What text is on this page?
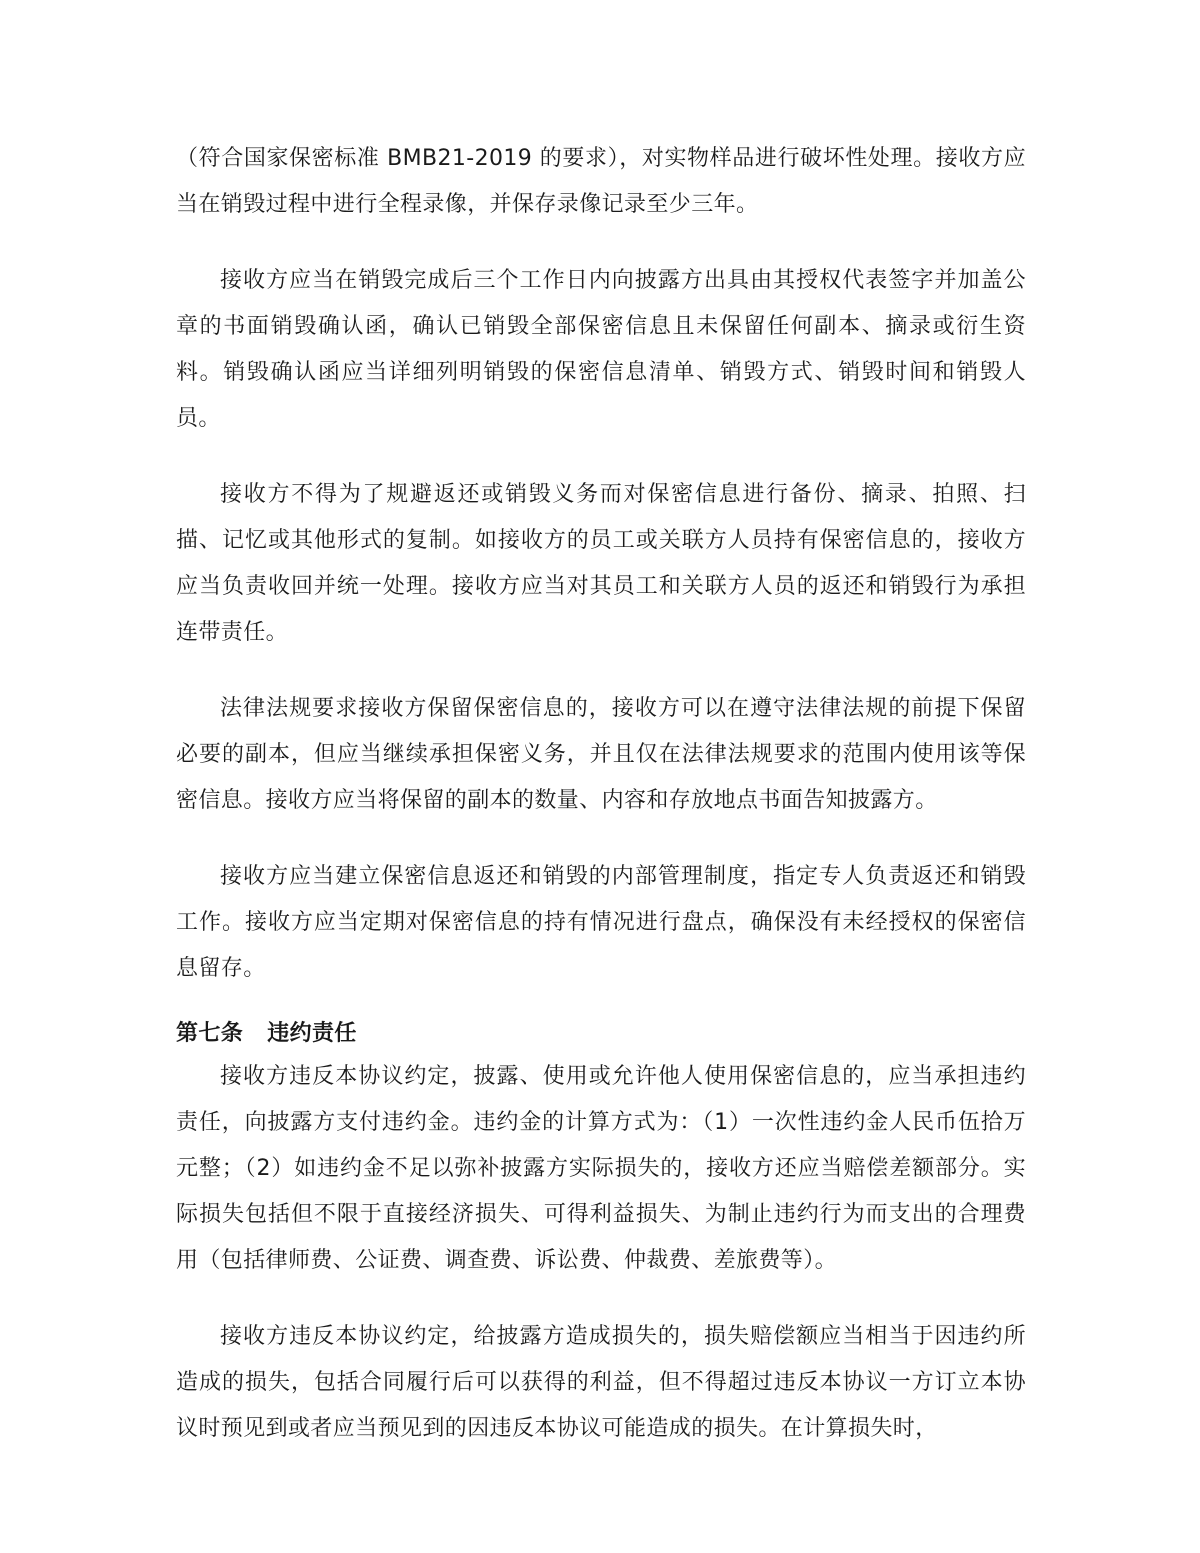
（符合国家保密标准 BMB21-2019 的要求），对实物样品进行破坏性处理。接收方应当在销毁过程中进行全程录像，并保存录像记录至少三年。

接收方应当在销毁完成后三个工作日内向披露方出具由其授权代表签字并加盖公章的书面销毁确认函，确认已销毁全部保密信息且未保留任何副本、摘录或衍生资料。销毁确认函应当详细列明销毁的保密信息清单、销毁方式、销毁时间和销毁人员。

接收方不得为了规避返还或销毁义务而对保密信息进行备份、摘录、拍照、扫描、记忆或其他形式的复制。如接收方的员工或关联方人员持有保密信息的，接收方应当负责收回并统一处理。接收方应当对其员工和关联方人员的返还和销毁行为承担连带责任。

法律法规要求接收方保留保密信息的，接收方可以在遵守法律法规的前提下保留必要的副本，但应当继续承担保密义务，并且仅在法律法规要求的范围内使用该等保密信息。接收方应当将保留的副本的数量、内容和存放地点书面告知披露方。

接收方应当建立保密信息返还和销毁的内部管理制度，指定专人负责返还和销毁工作。接收方应当定期对保密信息的持有情况进行盘点，确保没有未经授权的保密信息留存。

第七条 违约责任

接收方违反本协议约定，披露、使用或允许他人使用保密信息的，应当承担违约责任，向披露方支付违约金。违约金的计算方式为：（1）一次性违约金人民币伍拾万元整；（2）如违约金不足以弥补披露方实际损失的，接收方还应当赔偿差额部分。实际损失包括但不限于直接经济损失、可得利益损失、为制止违约行为而支出的合理费用（包括律师费、公证费、调查费、诉讼费、仲裁费、差旅费等）。

接收方违反本协议约定，给披露方造成损失的，损失赔偿额应当相当于因违约所造成的损失，包括合同履行后可以获得的利益，但不得超过违反本协议一方订立本协议时预见到或者应当预见到的因违反本协议可能造成的损失。在计算损失时，
